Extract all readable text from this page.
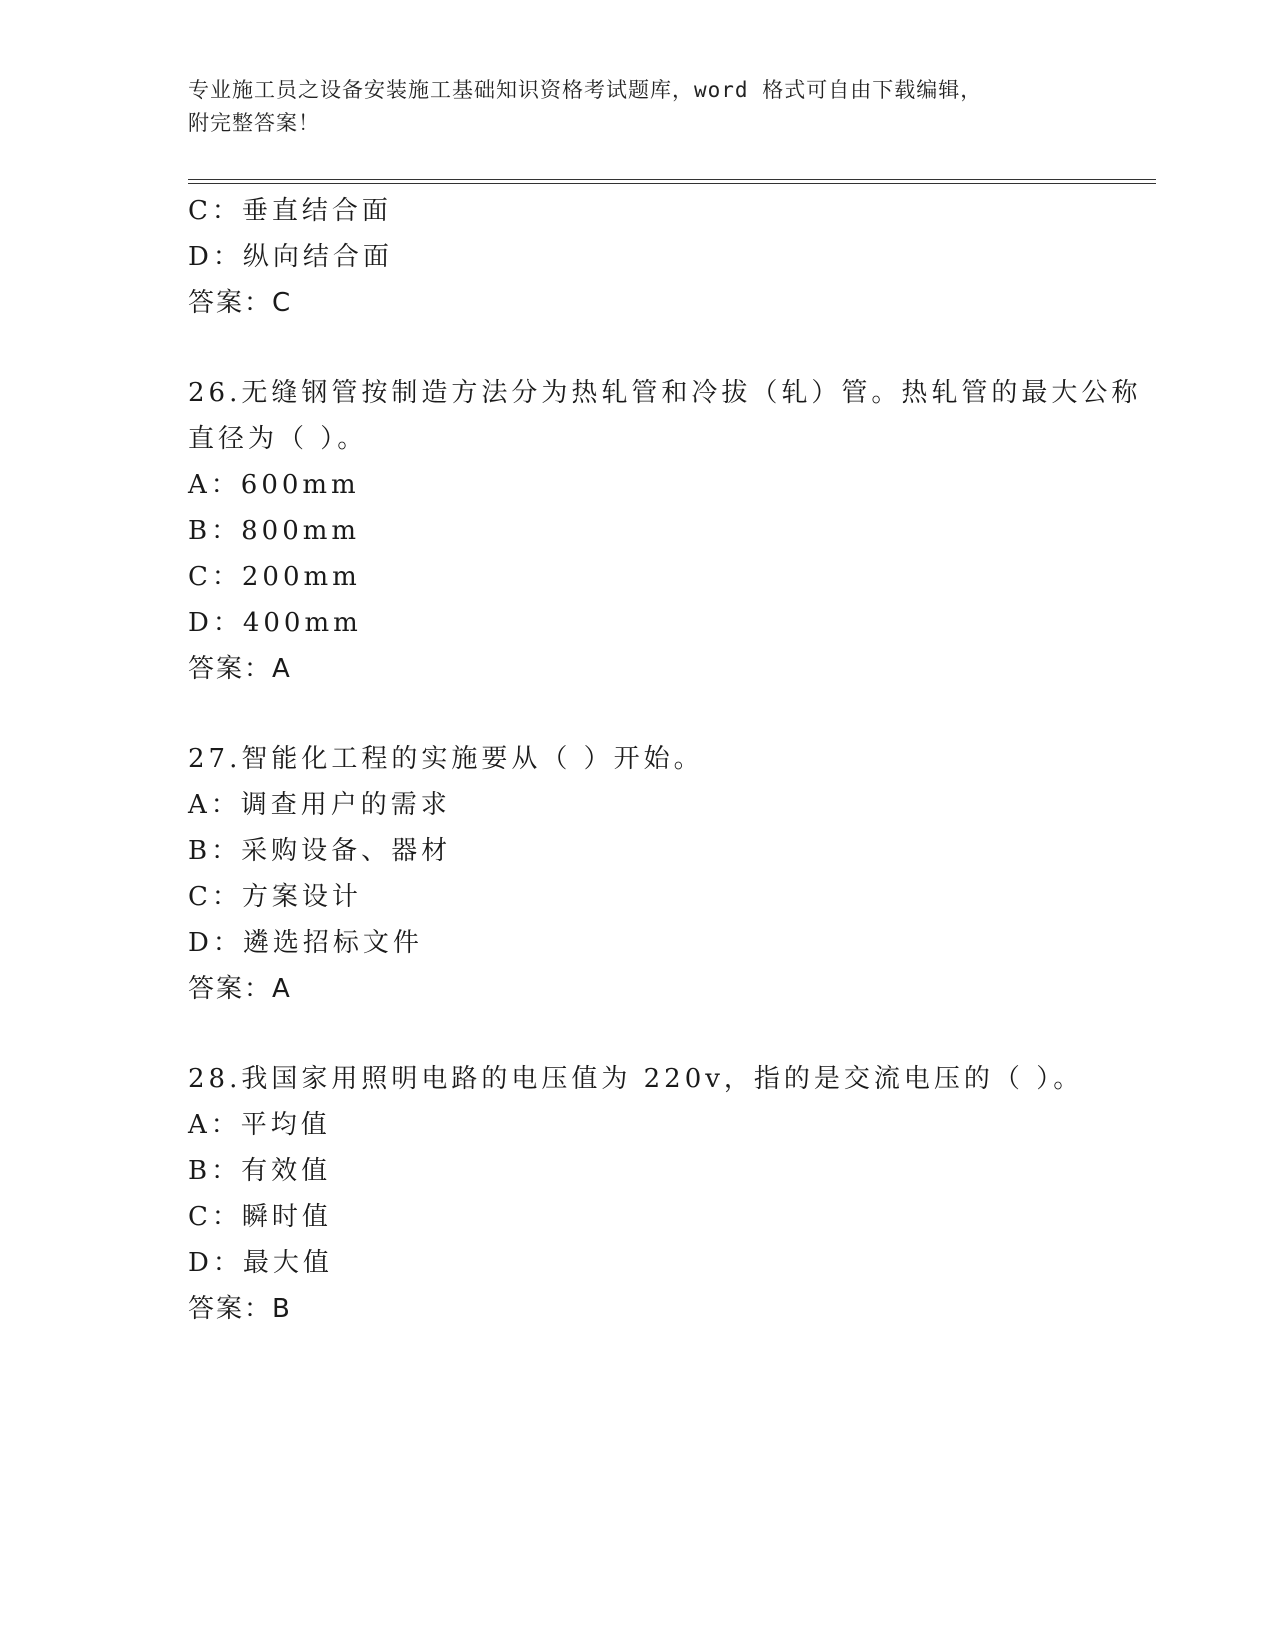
专业施工员之设备安装施工基础知识资格考试题库，word 格式可自由下载编辑，
附完整答案！
C：垂直结合面
D：纵向结合面
答案：C
26.无缝钢管按制造方法分为热轧管和冷拔（轧）管。热轧管的最大公称直径为（ ）。
A：600mm
B：800mm
C：200mm
D：400mm
答案：A
27.智能化工程的实施要从（ ）开始。
A：调查用户的需求
B：采购设备、器材
C：方案设计
D：遴选招标文件
答案：A
28.我国家用照明电路的电压值为 220v，指的是交流电压的（ ）。
A：平均值
B：有效值
C：瞬时值
D：最大值
答案：B
